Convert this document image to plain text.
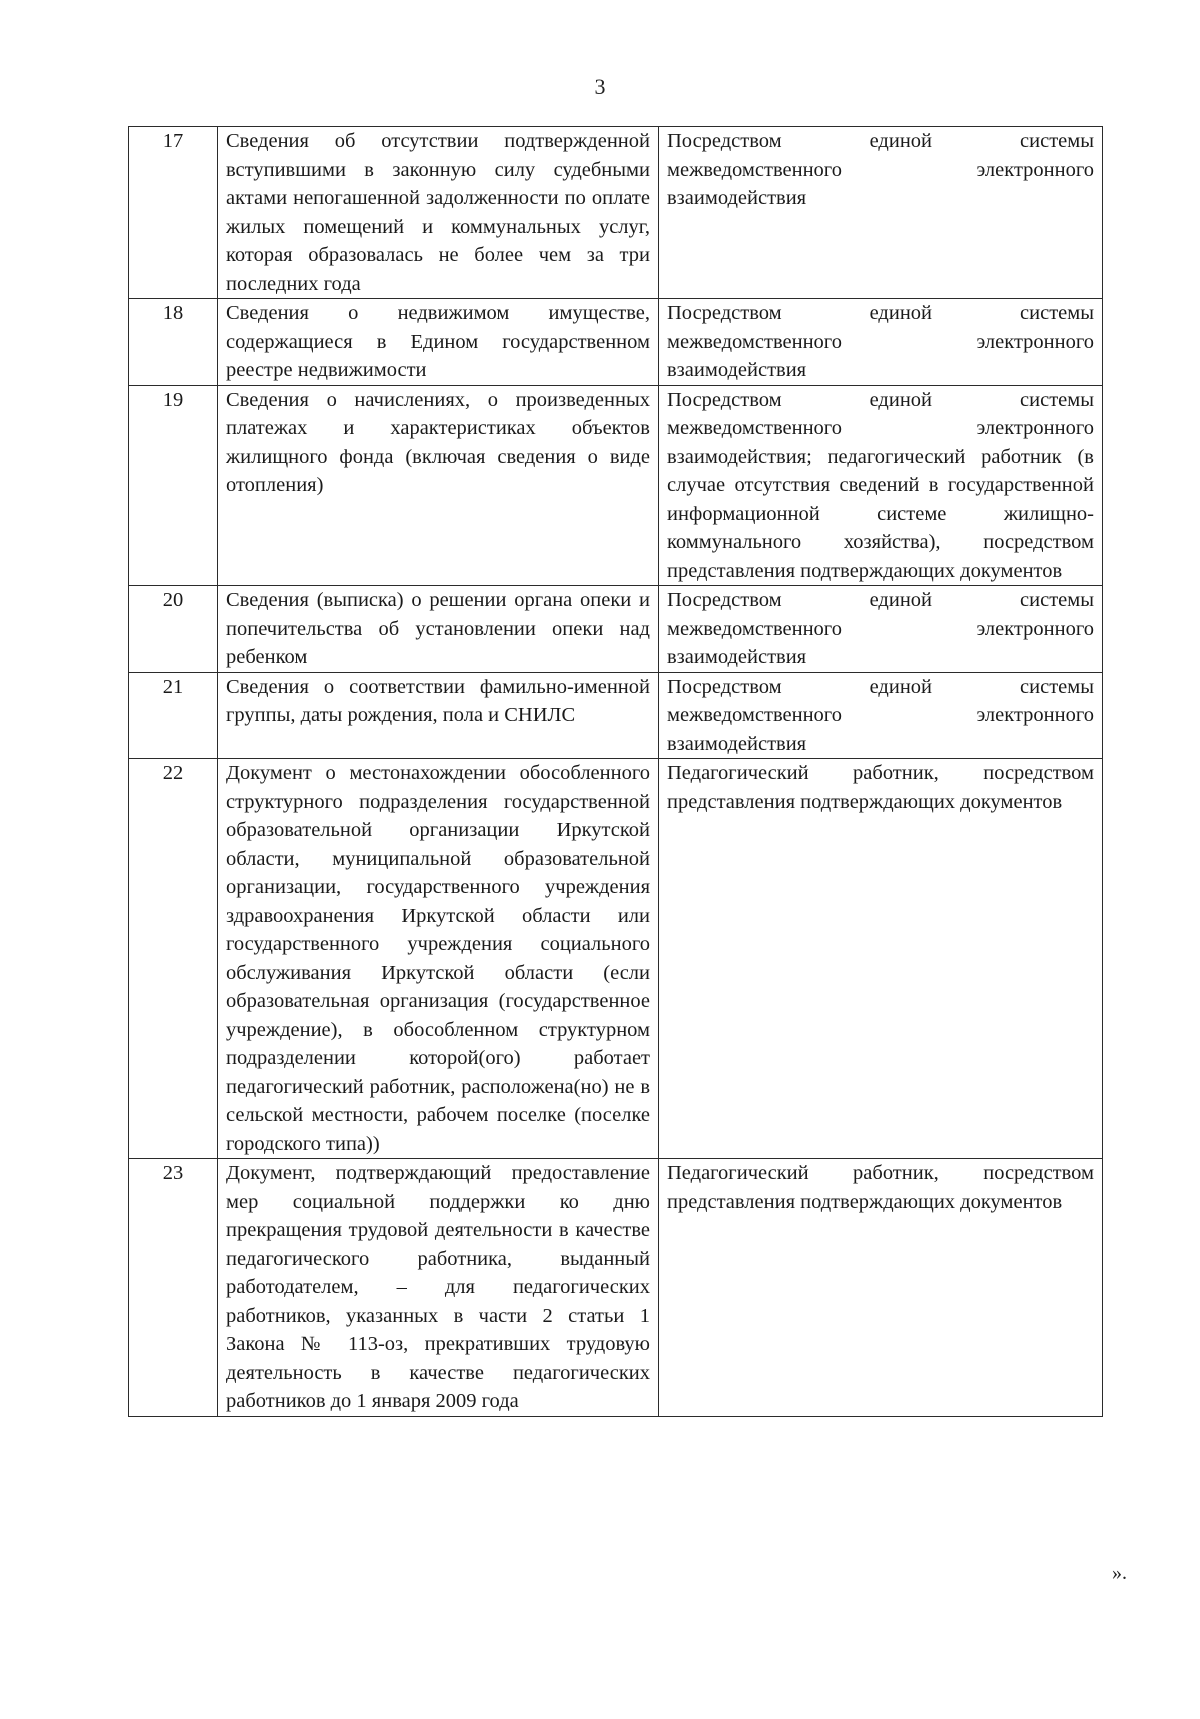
3
17	Сведения об отсутствии подтвержденной вступившими в законную силу судебными актами непогашенной задолженности по оплате жилых помещений и коммунальных услуг, которая образовалась не более чем за три последних года	Посредством единой системы межведомственного электронного взаимодействия
18	Сведения о недвижимом имуществе, содержащиеся в Едином государственном реестре недвижимости	Посредством единой системы межведомственного электронного взаимодействия
19	Сведения о начислениях, о произведенных платежах и характеристиках объектов жилищного фонда (включая сведения о виде отопления)	Посредством единой системы межведомственного электронного взаимодействия; педагогический работник (в случае отсутствия сведений в государственной информационной системе жилищно-коммунального хозяйства), посредством представления подтверждающих документов
20	Сведения (выписка) о решении органа опеки и попечительства об установлении опеки над ребенком	Посредством единой системы межведомственного электронного взаимодействия
21	Сведения о соответствии фамильно-именной группы, даты рождения, пола и СНИЛС	Посредством единой системы межведомственного электронного взаимодействия
22	Документ о местонахождении обособленного структурного подразделения государственной образовательной организации Иркутской области, муниципальной образовательной организации, государственного учреждения здравоохранения Иркутской области или государственного учреждения социального обслуживания Иркутской области (если образовательная организация (государственное учреждение), в обособленном структурном подразделении которой(ого) работает педагогический работник, расположена(но) не в сельской местности, рабочем поселке (поселке городского типа))	Педагогический работник, посредством представления подтверждающих документов
23	Документ, подтверждающий предоставление мер социальной поддержки ко дню прекращения трудовой деятельности в качестве педагогического работника, выданный работодателем, – для педагогических работников, указанных в части 2 статьи 1 Закона № 113-оз, прекративших трудовую деятельность в качестве педагогических работников до 1 января 2009 года	Педагогический работник, посредством представления подтверждающих документов
».
